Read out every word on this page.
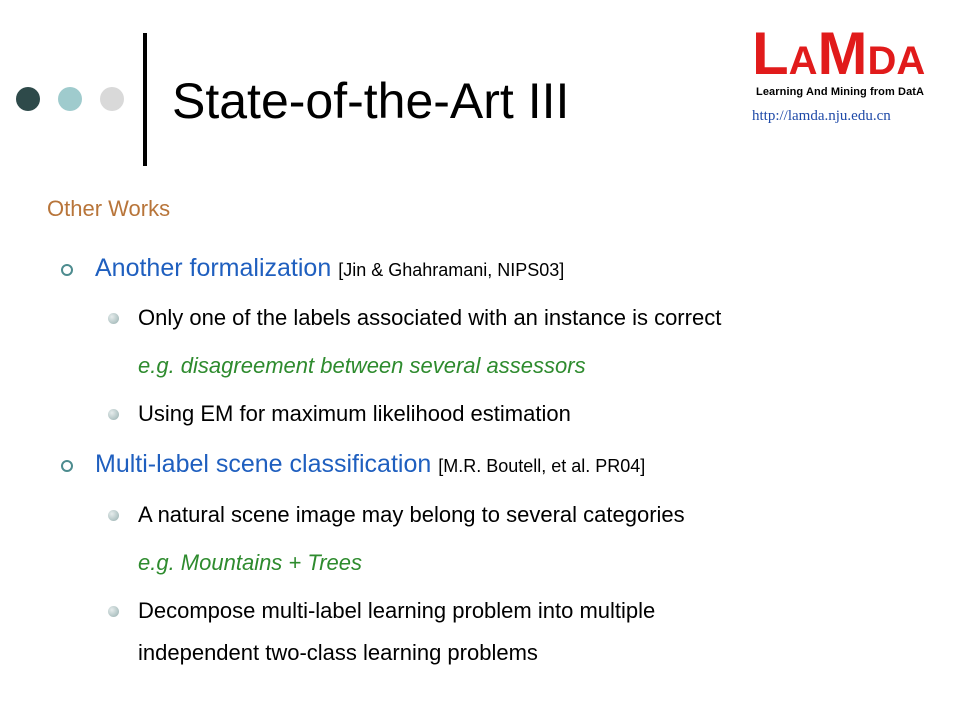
State-of-the-Art III
LAMDA
Learning And Mining from DatA
http://lamda.nju.edu.cn
Other Works
Another formalization [Jin & Ghahramani, NIPS03]
Only one of the labels associated with an instance is correct
e.g. disagreement between several assessors
Using EM for maximum likelihood estimation
Multi-label scene classification [M.R. Boutell, et al. PR04]
A natural scene image may belong to several categories
e.g. Mountains + Trees
Decompose multi-label learning problem into multiple
independent two-class learning problems
